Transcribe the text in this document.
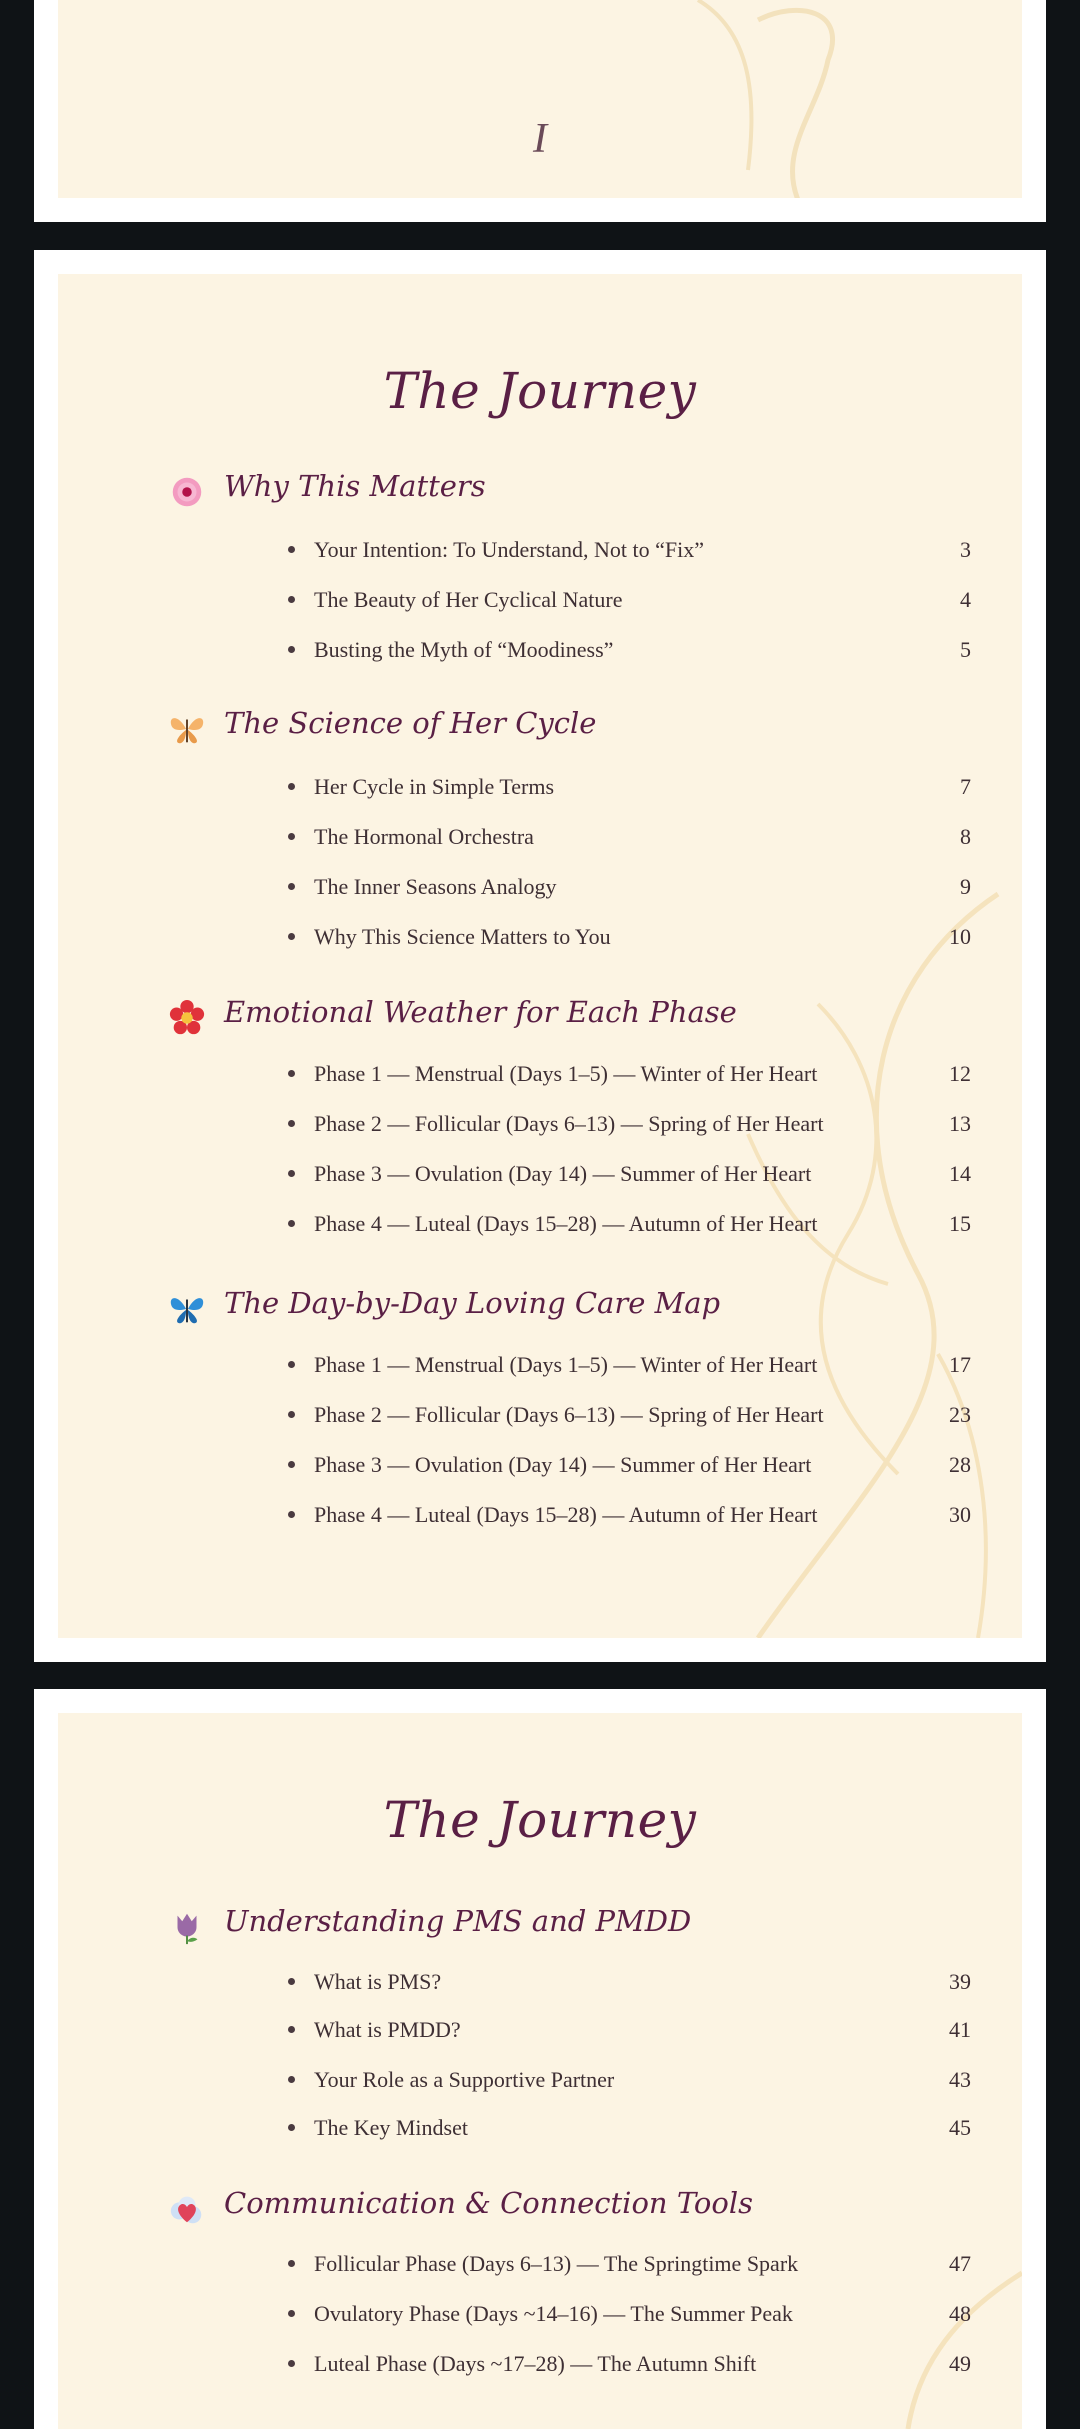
I
The Journey
Why This Matters
Your Intention: To Understand, Not to “Fix”	3
The Beauty of Her Cyclical Nature	4
Busting the Myth of “Moodiness”	5
The Science of Her Cycle
Her Cycle in Simple Terms	7
The Hormonal Orchestra	8
The Inner Seasons Analogy	9
Why This Science Matters to You	10
Emotional Weather for Each Phase
Phase 1 — Menstrual (Days 1–5) — Winter of Her Heart	12
Phase 2 — Follicular (Days 6–13) — Spring of Her Heart	13
Phase 3 — Ovulation (Day 14) — Summer of Her Heart	14
Phase 4 — Luteal (Days 15–28) — Autumn of Her Heart	15
The Day-by-Day Loving Care Map
Phase 1 — Menstrual (Days 1–5) — Winter of Her Heart	17
Phase 2 — Follicular (Days 6–13) — Spring of Her Heart	23
Phase 3 — Ovulation (Day 14) — Summer of Her Heart	28
Phase 4 — Luteal (Days 15–28) — Autumn of Her Heart	30
The Journey
Understanding PMS and PMDD
What is PMS?	39
What is PMDD?	41
Your Role as a Supportive Partner	43
The Key Mindset	45
Communication & Connection Tools
Follicular Phase (Days 6–13) — The Springtime Spark	47
Ovulatory Phase (Days ~14–16) — The Summer Peak	48
Luteal Phase (Days ~17–28) — The Autumn Shift	49
